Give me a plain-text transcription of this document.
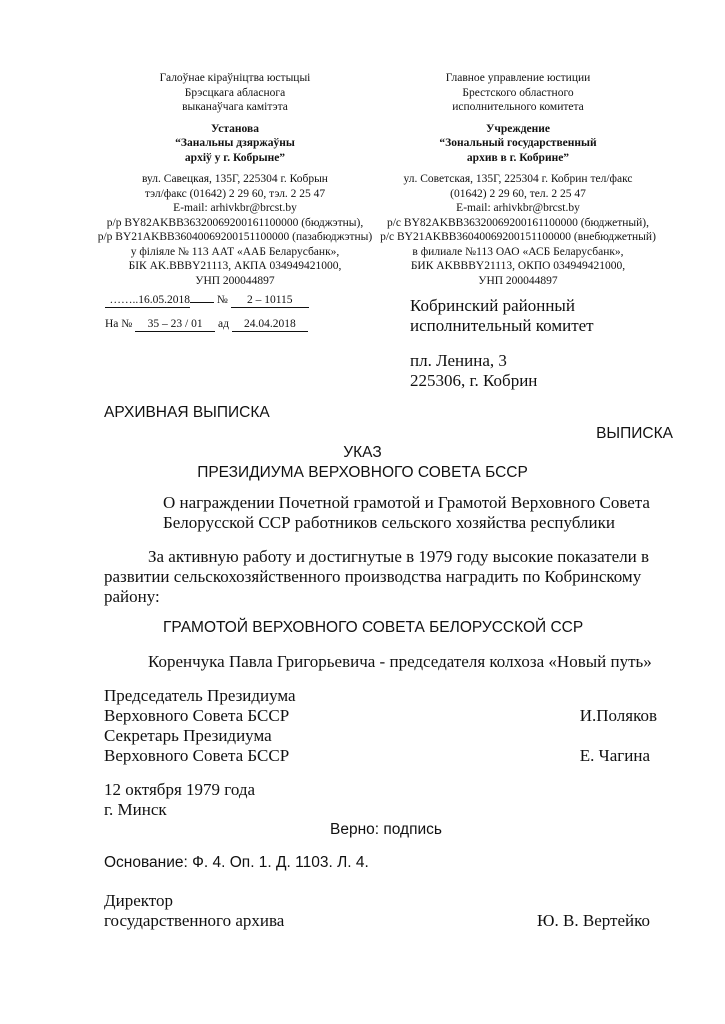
Галоўнае кіраўніцтва юстыцыі
Брэсцкага абласнога
выканаўчага камітэта
Установа
“Занальны дзяржаўны
архіў у г. Кобрыне”
вул. Савецкая, 135Г, 225304 г. Кобрын
тэл/факс (01642) 2 29 60, тэл. 2 25 47
E-mail: arhivkbr@brcst.by
р/р BY82AKBB36320069200161100000 (бюджэтны),
р/р BY21AKBB36040069200151100000 (пазабюджэтны)
у філіяле № 113 ААТ «ААБ Беларусбанк»,
БІК AK.BBBY21113, АКПА 034949421000,
УНП 200044897
Главное управление юстиции
Брестского областного
исполнительного комитета
Учреждение
“Зональный государственный
архив в г. Кобрине”
ул. Советская, 135Г, 225304 г. Кобрин тел/факс
(01642) 2 29 60, тел. 2 25 47
E-mail: arhivkbr@brcst.by
р/с BY82AKBB36320069200161100000 (бюджетный),
р/с BY21AKBB36040069200151100000 (внебюджетный)
в филиале №113 ОАО «АСБ Беларусбанк»,
БИК AKBBBY21113, ОКПО 034949421000,
УНП 200044897
……..16.05.2018 № 2 – 10115
На № 35 – 23 / 01 ад 24.04.2018
Кобринский районный
исполнительный комитет
пл. Ленина, 3
225306, г. Кобрин
АРХИВНАЯ ВЫПИСКА
ВЫПИСКА
УКАЗ
ПРЕЗИДИУМА ВЕРХОВНОГО СОВЕТА БССР
О награждении Почетной грамотой и Грамотой Верховного Совета
Белорусской ССР работников сельского хозяйства республики
За активную работу и достигнутые в 1979 году высокие показатели в
развитии сельскохозяйственного производства наградить по Кобринскому
району:
ГРАМОТОЙ ВЕРХОВНОГО СОВЕТА БЕЛОРУССКОЙ ССР
Коренчука Павла Григорьевича - председателя колхоза «Новый путь»
Председатель Президиума
Верховного Совета БССР	И.Поляков
Секретарь Президиума
Верховного Совета БССР	Е. Чагина
12 октября 1979 года
г. Минск
Верно: подпись
Основание: Ф. 4. Оп. 1. Д. 1103. Л. 4.
Директор
государственного архива	Ю. В. Вертейко
